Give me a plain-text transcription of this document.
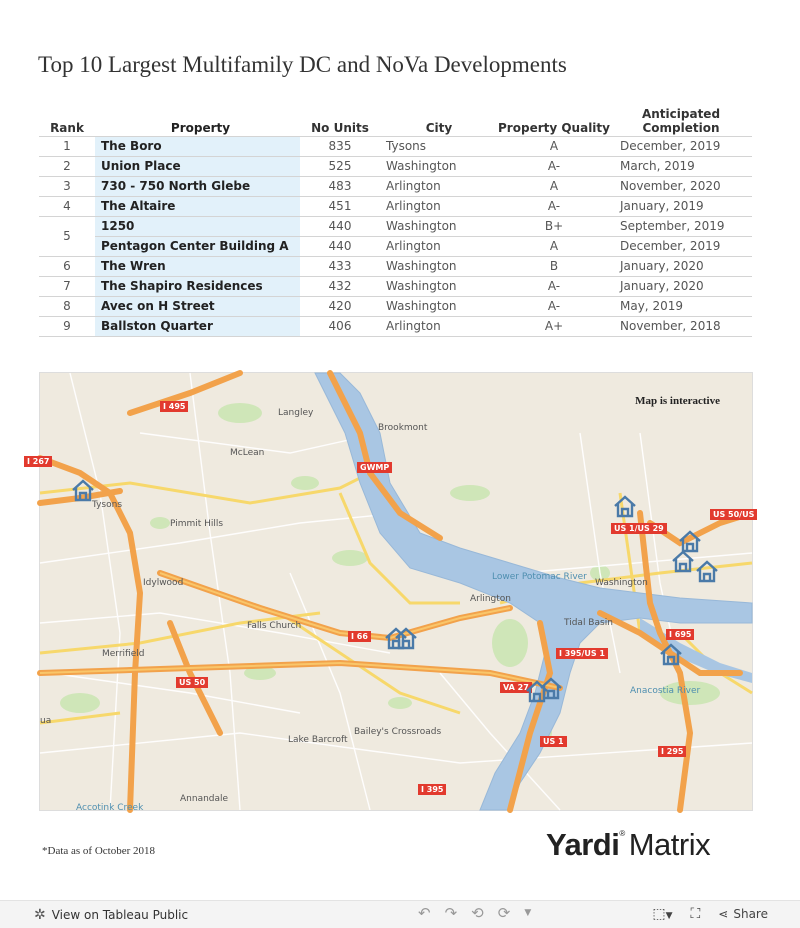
Top 10 Largest Multifamily DC and NoVa Developments
Rank	Property	No Units	City	Property Quality	Anticipated Completion
1	The Boro	835	Tysons	A	December, 2019
2	Union Place	525	Washington	A-	March, 2019
3	730 - 750 North Glebe	483	Arlington	A	November, 2020
4	The Altaire	451	Arlington	A-	January, 2019
5	1250	440	Washington	B+	September, 2019
	Pentagon Center Building A	440	Arlington	A	December, 2019
6	The Wren	433	Washington	B	January, 2020
7	The Shapiro Residences	432	Washington	A-	January, 2020
8	Avec on H Street	420	Washington	A-	May, 2019
9	Ballston Quarter	406	Arlington	A+	November, 2018
Map is interactive
Langley
Brookmont
McLean
Tysons
Pimmit Hills
Idylwood
Falls Church
Merrifield
Arlington
Washington
Lower Potomac River
Tidal Basin
Anacostia River
Bailey's Crossroads
Lake Barcroft
Annandale
Accotink Creek
ua
I 495
I 267
GWMP
US 1/US 29
US 50/US
I 66	I 695
US 50
I 395/US 1
VA 27
US 1
I 295
I 395
*Data as of October 2018	Yardi® Matrix
✲ View on Tableau Public	↶ ↷ ⟲ ⟳ ▼	⬚▼ ⛶ ⋖ Share
